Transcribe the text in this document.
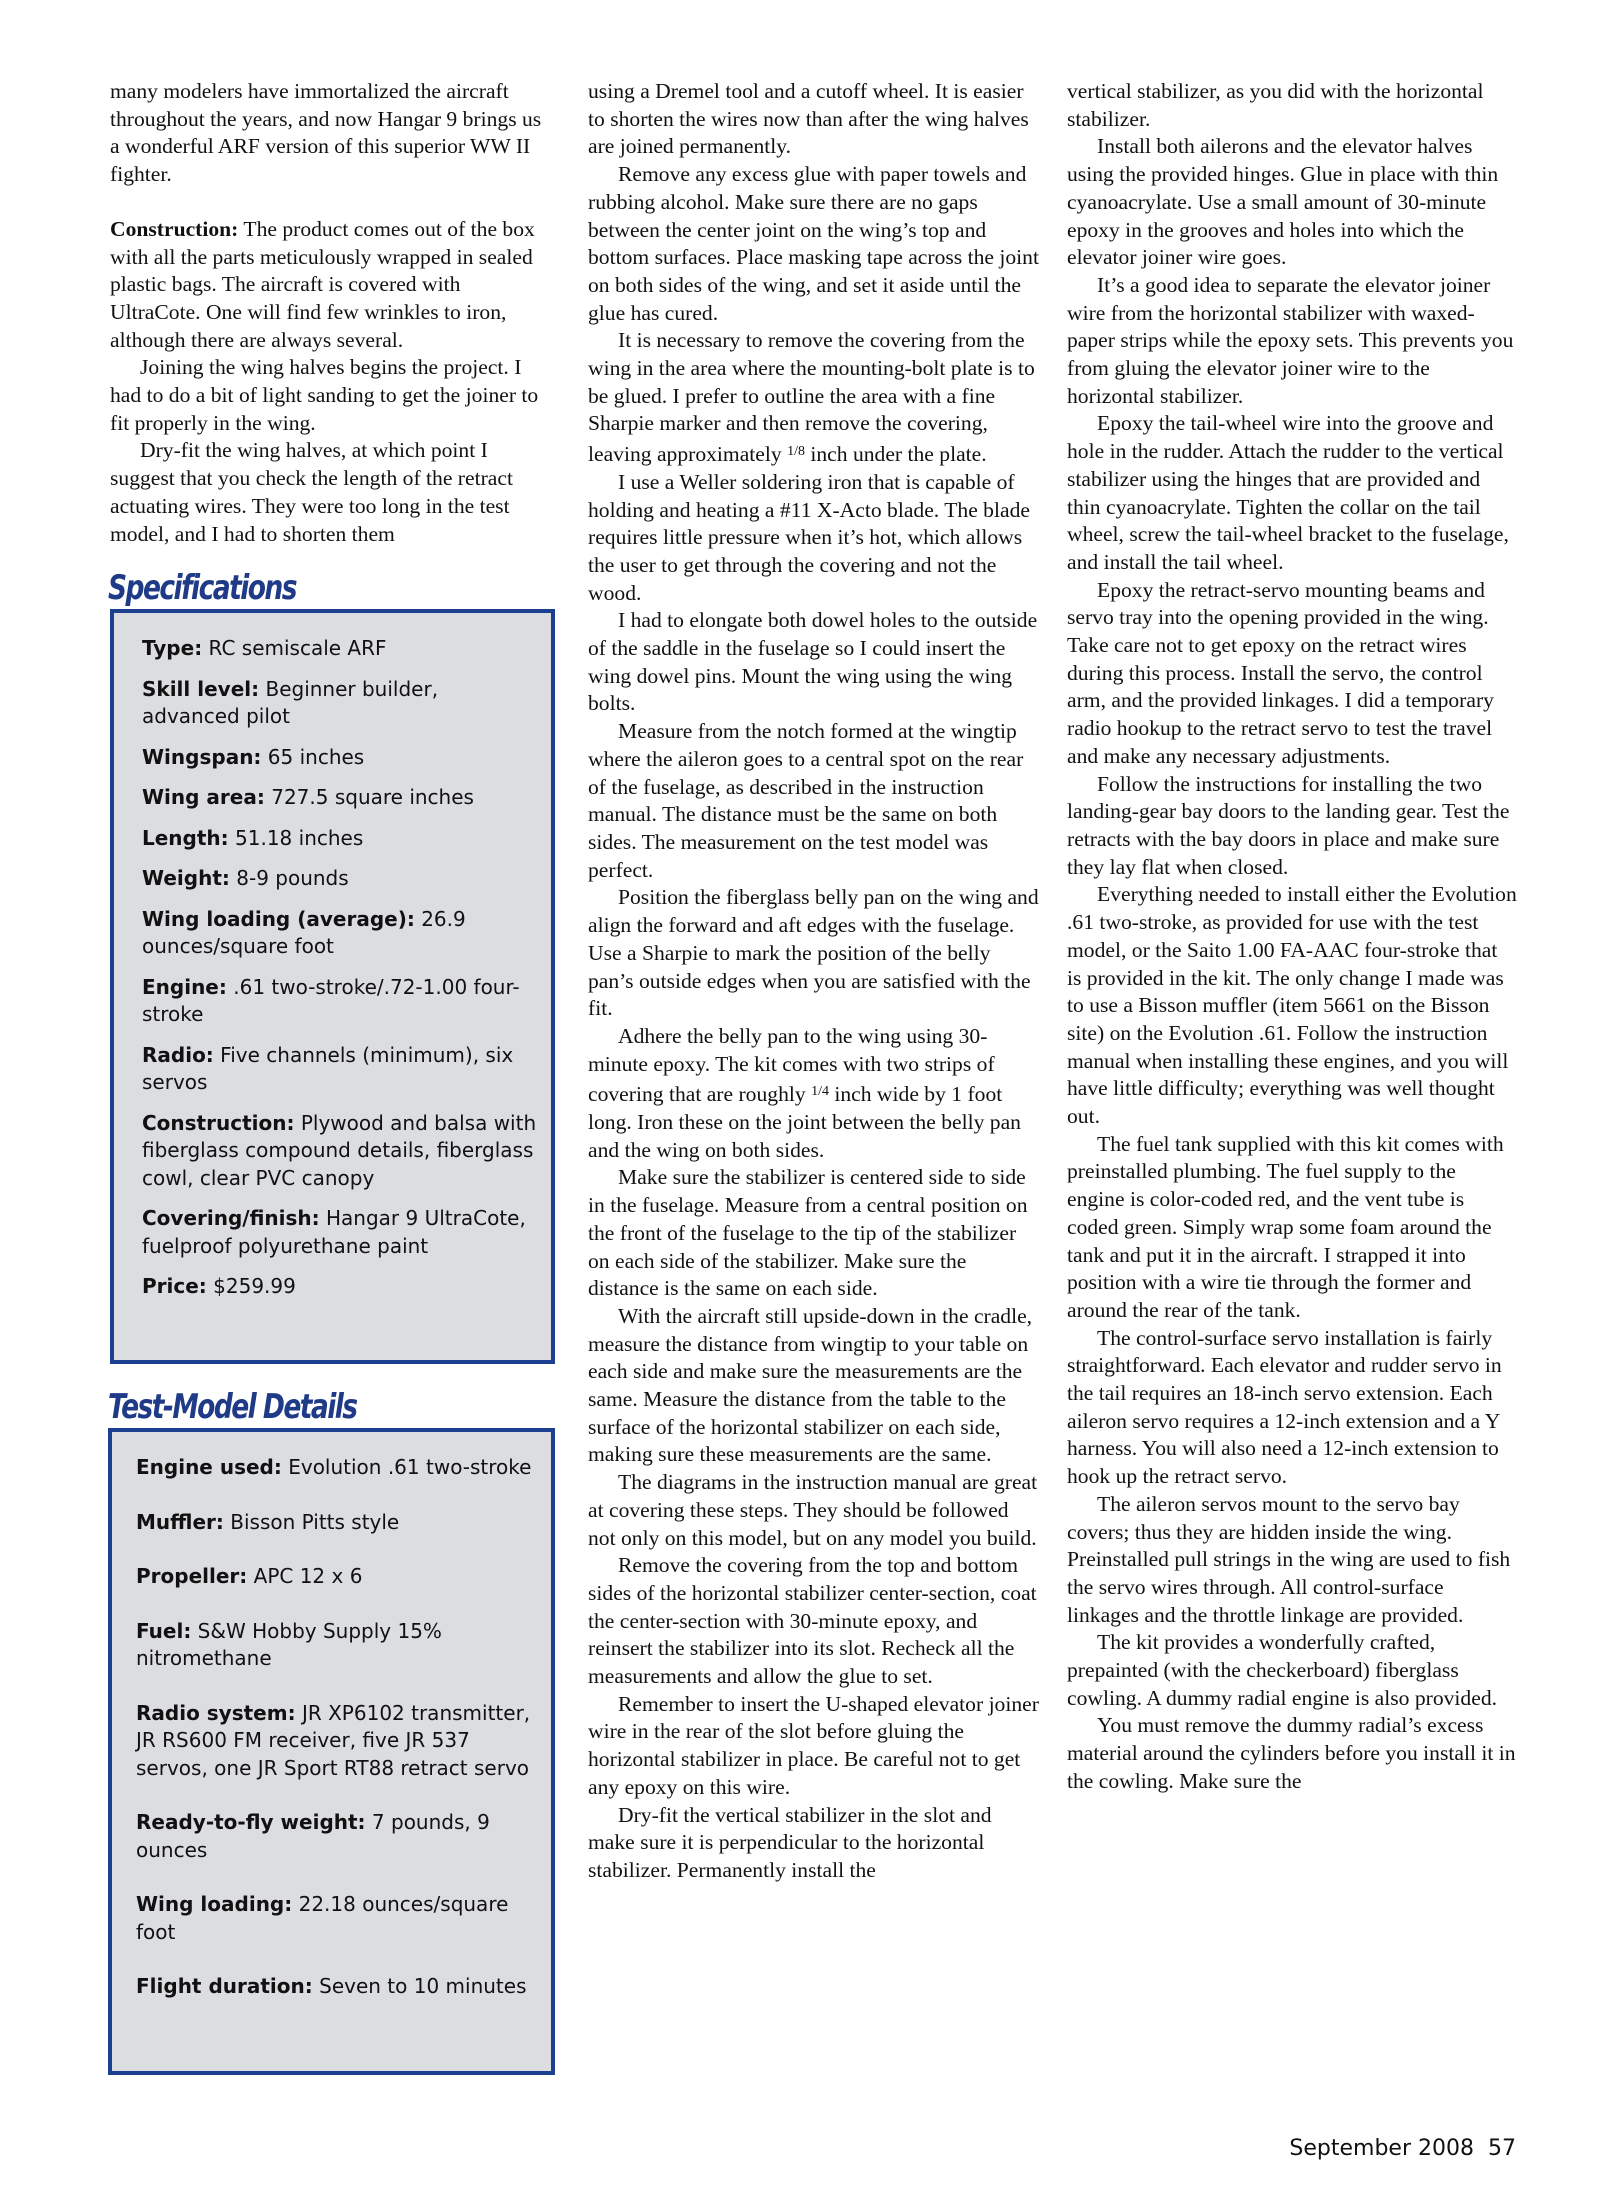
many modelers have immortalized the aircraft throughout the years, and now Hangar 9 brings us a wonderful ARF version of this superior WW II fighter.

Construction: The product comes out of the box with all the parts meticulously wrapped in sealed plastic bags. The aircraft is covered with UltraCote. One will find few wrinkles to iron, although there are always several.

Joining the wing halves begins the project. I had to do a bit of light sanding to get the joiner to fit properly in the wing.

Dry-fit the wing halves, at which point I suggest that you check the length of the retract actuating wires. They were too long in the test model, and I had to shorten them

Specifications
Type: RC semiscale ARF
Skill level: Beginner builder, advanced pilot
Wingspan: 65 inches
Wing area: 727.5 square inches
Length: 51.18 inches
Weight: 8-9 pounds
Wing loading (average): 26.9 ounces/square foot
Engine: .61 two-stroke/.72-1.00 four-stroke
Radio: Five channels (minimum), six servos
Construction: Plywood and balsa with fiberglass compound details, fiberglass cowl, clear PVC canopy
Covering/finish: Hangar 9 UltraCote, fuelproof polyurethane paint
Price: $259.99
Test-Model Details
Engine used: Evolution .61 two-stroke
Muffler: Bisson Pitts style
Propeller: APC 12 x 6
Fuel: S&W Hobby Supply 15% nitromethane
Radio system: JR XP6102 transmitter, JR RS600 FM receiver, five JR 537 servos, one JR Sport RT88 retract servo
Ready-to-fly weight: 7 pounds, 9 ounces
Wing loading: 22.18 ounces/square foot
Flight duration: Seven to 10 minutes

using a Dremel tool and a cutoff wheel. It is easier to shorten the wires now than after the wing halves are joined permanently.

Remove any excess glue with paper towels and rubbing alcohol. Make sure there are no gaps between the center joint on the wing’s top and bottom surfaces. Place masking tape across the joint on both sides of the wing, and set it aside until the glue has cured.

It is necessary to remove the covering from the wing in the area where the mounting-bolt plate is to be glued. I prefer to outline the area with a fine Sharpie marker and then remove the covering, leaving approximately $^{1/8}$ inch under the plate.

I use a Weller soldering iron that is capable of holding and heating a #11 X-Acto blade. The blade requires little pressure when it’s hot, which allows the user to get through the covering and not the wood.

I had to elongate both dowel holes to the outside of the saddle in the fuselage so I could insert the wing dowel pins. Mount the wing using the wing bolts.

Measure from the notch formed at the wingtip where the aileron goes to a central spot on the rear of the fuselage, as described in the instruction manual. The distance must be the same on both sides. The measurement on the test model was perfect.

Position the fiberglass belly pan on the wing and align the forward and aft edges with the fuselage. Use a Sharpie to mark the position of the belly pan’s outside edges when you are satisfied with the fit.

Adhere the belly pan to the wing using 30-minute epoxy. The kit comes with two strips of covering that are roughly $^{1/4}$ inch wide by 1 foot long. Iron these on the joint between the belly pan and the wing on both sides.

Make sure the stabilizer is centered side to side in the fuselage. Measure from a central position on the front of the fuselage to the tip of the stabilizer on each side of the stabilizer. Make sure the distance is the same on each side.

With the aircraft still upside-down in the cradle, measure the distance from wingtip to your table on each side and make sure the measurements are the same. Measure the distance from the table to the surface of the horizontal stabilizer on each side, making sure these measurements are the same.

The diagrams in the instruction manual are great at covering these steps. They should be followed not only on this model, but on any model you build.

Remove the covering from the top and bottom sides of the horizontal stabilizer center-section, coat the center-section with 30-minute epoxy, and reinsert the stabilizer into its slot. Recheck all the measurements and allow the glue to set.

Remember to insert the U-shaped elevator joiner wire in the rear of the slot before gluing the horizontal stabilizer in place. Be careful not to get any epoxy on this wire.

Dry-fit the vertical stabilizer in the slot and make sure it is perpendicular to the horizontal stabilizer. Permanently install the

vertical stabilizer, as you did with the horizontal stabilizer.

Install both ailerons and the elevator halves using the provided hinges. Glue in place with thin cyanoacrylate. Use a small amount of 30-minute epoxy in the grooves and holes into which the elevator joiner wire goes.

It’s a good idea to separate the elevator joiner wire from the horizontal stabilizer with waxed-paper strips while the epoxy sets. This prevents you from gluing the elevator joiner wire to the horizontal stabilizer.

Epoxy the tail-wheel wire into the groove and hole in the rudder. Attach the rudder to the vertical stabilizer using the hinges that are provided and thin cyanoacrylate. Tighten the collar on the tail wheel, screw the tail-wheel bracket to the fuselage, and install the tail wheel.

Epoxy the retract-servo mounting beams and servo tray into the opening provided in the wing. Take care not to get epoxy on the retract wires during this process. Install the servo, the control arm, and the provided linkages. I did a temporary radio hookup to the retract servo to test the travel and make any necessary adjustments.

Follow the instructions for installing the two landing-gear bay doors to the landing gear. Test the retracts with the bay doors in place and make sure they lay flat when closed.

Everything needed to install either the Evolution .61 two-stroke, as provided for use with the test model, or the Saito 1.00 FA-AAC four-stroke that is provided in the kit. The only change I made was to use a Bisson muffler (item 5661 on the Bisson site) on the Evolution .61. Follow the instruction manual when installing these engines, and you will have little difficulty; everything was well thought out.

The fuel tank supplied with this kit comes with preinstalled plumbing. The fuel supply to the engine is color-coded red, and the vent tube is coded green. Simply wrap some foam around the tank and put it in the aircraft. I strapped it into position with a wire tie through the former and around the rear of the tank.

The control-surface servo installation is fairly straightforward. Each elevator and rudder servo in the tail requires an 18-inch servo extension. Each aileron servo requires a 12-inch extension and a Y harness. You will also need a 12-inch extension to hook up the retract servo.

The aileron servos mount to the servo bay covers; thus they are hidden inside the wing. Preinstalled pull strings in the wing are used to fish the servo wires through. All control-surface linkages and the throttle linkage are provided.

The kit provides a wonderfully crafted, prepainted (with the checkerboard) fiberglass cowling. A dummy radial engine is also provided.

You must remove the dummy radial’s excess material around the cylinders before you install it in the cowling. Make sure the

September 2008 57
